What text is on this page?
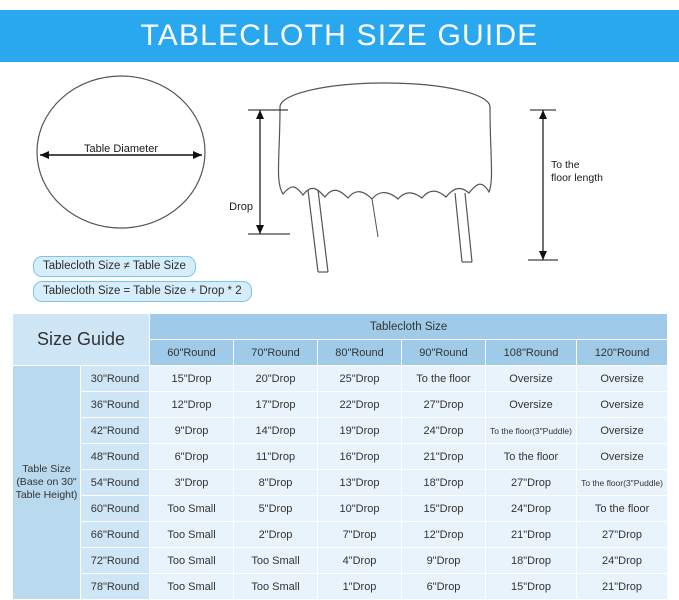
TABLECLOTH SIZE GUIDE
Table Diameter
Drop
To the
floor length
Tablecloth Size ≠ Table Size
Tablecloth Size = Table Size + Drop * 2
Size Guide		Tablecloth Size					
		60"Round	70"Round	80"Round	90"Round	108"Round	120"Round

Table Size
(Base on 30"
Table Height)	30"Round	15"Drop	20"Drop	25"Drop	To the floor	Oversize	Oversize
	36"Round	12"Drop	17"Drop	22"Drop	27"Drop	Oversize	Oversize
	42"Round	9"Drop	14"Drop	19"Drop	24"Drop	To the floor(3"Puddle)	Oversize
	48"Round	6"Drop	11"Drop	16"Drop	21"Drop	To the floor	Oversize
	54"Round	3"Drop	8"Drop	13"Drop	18"Drop	27"Drop	To the floor(3"Puddle)
	60"Round	Too Small	5"Drop	10"Drop	15"Drop	24"Drop	To the floor
	66"Round	Too Small	2"Drop	7"Drop	12"Drop	21"Drop	27"Drop
	72"Round	Too Small	Too Small	4"Drop	9"Drop	18"Drop	24"Drop
	78"Round	Too Small	Too Small	1"Drop	6"Drop	15"Drop	21"Drop
